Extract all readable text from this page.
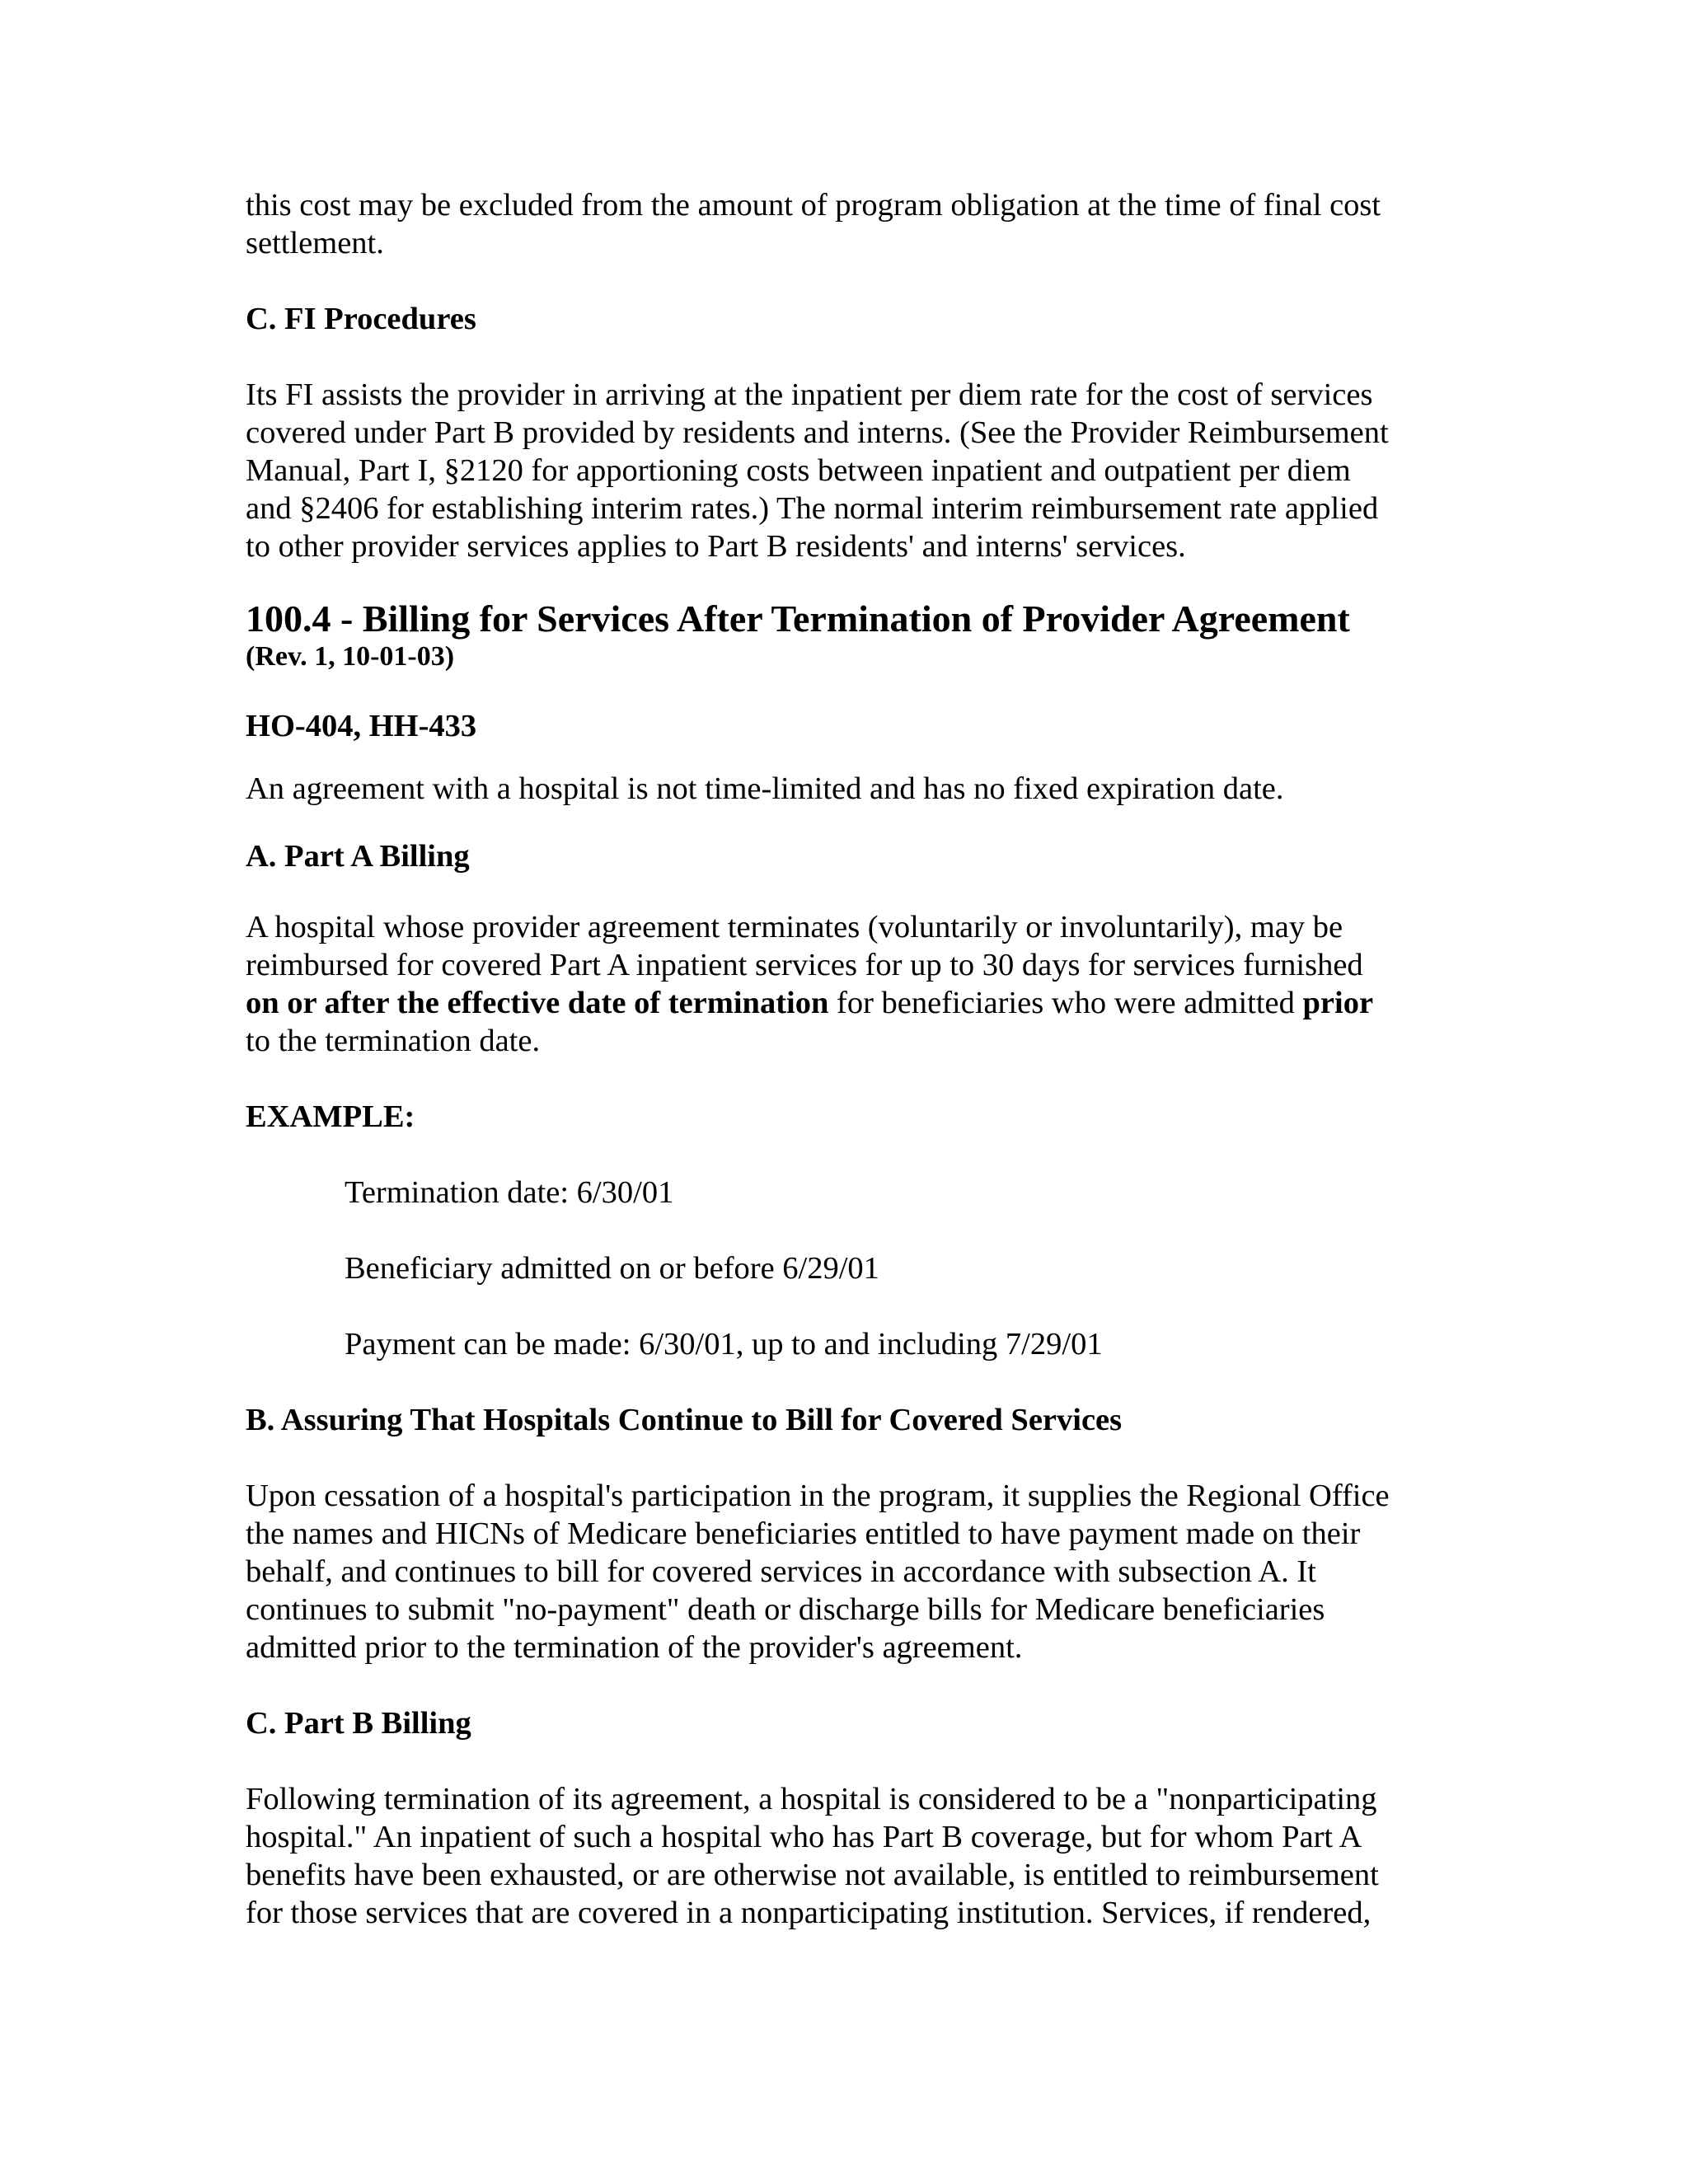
this cost may be excluded from the amount of program obligation at the time of final cost

settlement.

C. FI Procedures

Its FI assists the provider in arriving at the inpatient per diem rate for the cost of services

covered under Part B provided by residents and interns. (See the Provider Reimbursement

Manual, Part I, §2120 for apportioning costs between inpatient and outpatient per diem

and §2406 for establishing interim rates.) The normal interim reimbursement rate applied

to other provider services applies to Part B residents' and interns' services.

100.4 - Billing for Services After Termination of Provider Agreement

(Rev. 1, 10-01-03)

HO-404, HH-433

An agreement with a hospital is not time-limited and has no fixed expiration date.

A. Part A Billing

A hospital whose provider agreement terminates (voluntarily or involuntarily), may be

reimbursed for covered Part A inpatient services for up to 30 days for services furnished

on or after the effective date of termination for beneficiaries who were admitted prior

to the termination date.

EXAMPLE:

Termination date: 6/30/01

Beneficiary admitted on or before 6/29/01

Payment can be made: 6/30/01, up to and including 7/29/01

B. Assuring That Hospitals Continue to Bill for Covered Services

Upon cessation of a hospital's participation in the program, it supplies the Regional Office

the names and HICNs of Medicare beneficiaries entitled to have payment made on their

behalf, and continues to bill for covered services in accordance with subsection A. It

continues to submit "no-payment" death or discharge bills for Medicare beneficiaries

admitted prior to the termination of the provider's agreement.

C. Part B Billing

Following termination of its agreement, a hospital is considered to be a "nonparticipating

hospital." An inpatient of such a hospital who has Part B coverage, but for whom Part A

benefits have been exhausted, or are otherwise not available, is entitled to reimbursement

for those services that are covered in a nonparticipating institution. Services, if rendered,
